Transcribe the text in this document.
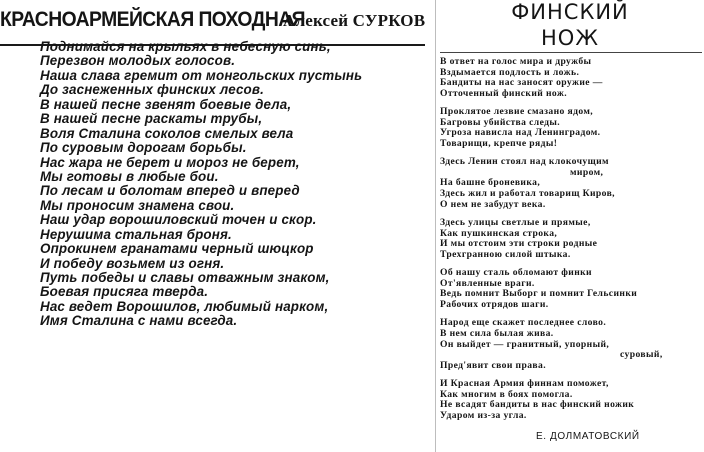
КРАСНОАРМЕЙСКАЯ ПОХОДНАЯ
Алексей СУРКОВ
Поднимайся на крыльях в небесную синь,
Перезвон молодых голосов.
Наша слава гремит от монгольских пустынь
До заснеженных финских лесов.
В нашей песне звенят боевые дела,
В нашей песне раскаты трубы,
Воля Сталина соколов смелых вела
По суровым дорогам борьбы.
Нас жара не берет и мороз не берет,
Мы готовы в любые бои.
По лесам и болотам вперед и вперед
Мы проносим знамена свои.
Наш удар ворошиловский точен и скор.
Нерушима стальная броня.
Опрокинем гранатами черный шюцкор
И победу возьмем из огня.
Путь победы и славы отважным знаком,
Боевая присяга тверда.
Нас ведет Ворошилов, любимый нарком,
Имя Сталина с нами всегда.
ФИНСКИЙ
НОЖ
В ответ на голос мира и дружбы
Вздымается подлость и ложь.
Бандиты на нас заносят оружие —
Отточенный финский нож.
Проклятое лезвие смазано ядом,
Багровы убийства следы.
Угроза нависла над Ленинградом.
Товарищи, крепче ряды!
Здесь Ленин стоял над клокочущим
миром,
На башне броневика,
Здесь жил и работал товарищ Киров,
О нем не забудут века.
Здесь улицы светлые и прямые,
Как пушкинская строка,
И мы отстоим эти строки родные
Трехгранною силой штыка.
Об нашу сталь обломают финки
От'явленные враги.
Ведь помнит Выборг и помнит Гельсинки
Рабочих отрядов шаги.
Народ еще скажет последнее слово.
В нем сила былая жива.
Он выйдет — гранитный, упорный,
суровый,
Пред'явит свои права.
И Красная Армия финнам поможет,
Как многим в боях помогла.
Не всадят бандиты в нас финский ножик
Ударом из-за угла.
Е. ДОЛМАТОВСКИЙ
